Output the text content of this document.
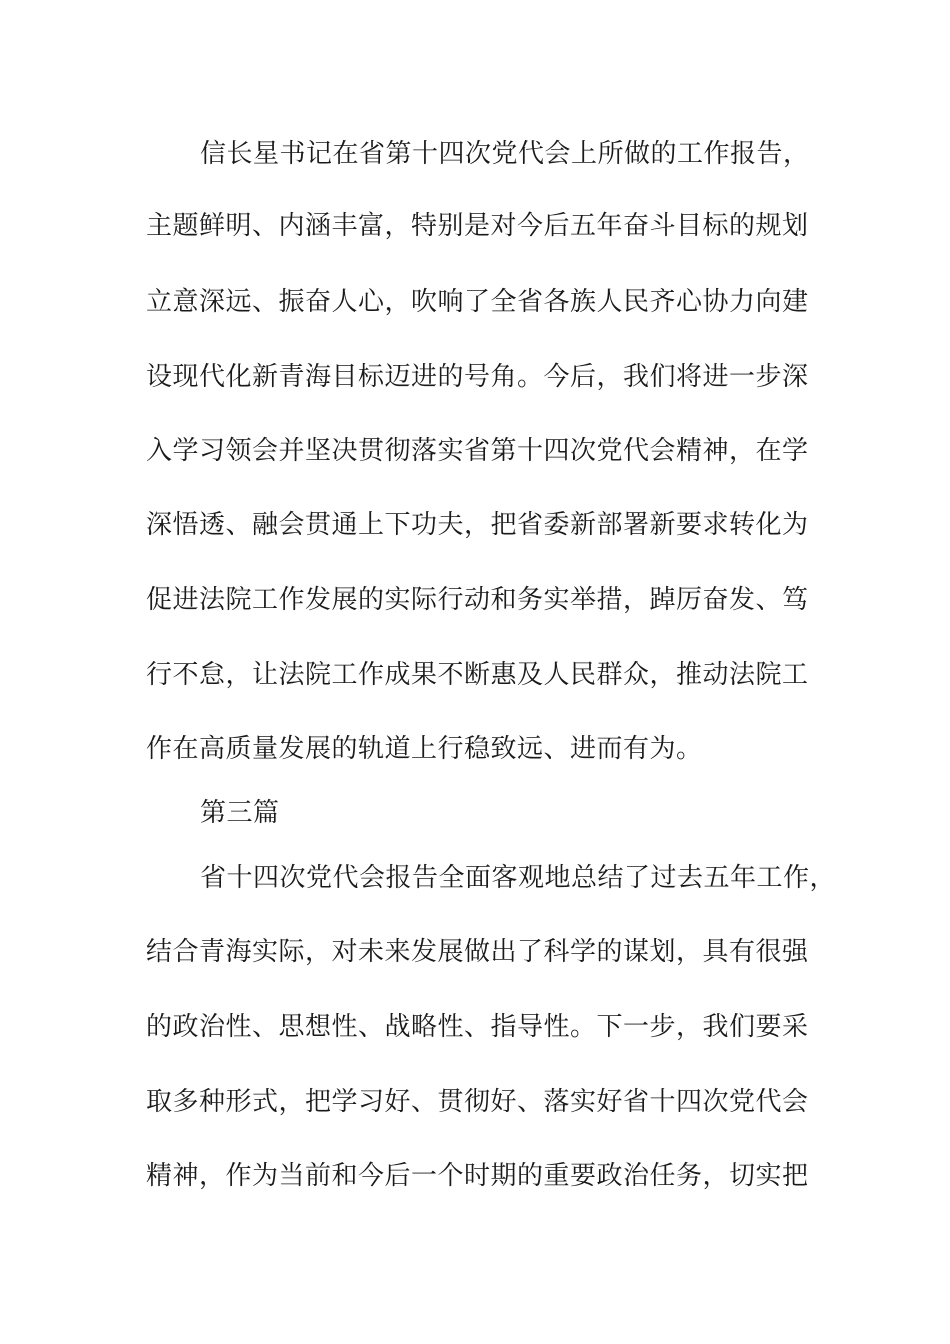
信长星书记在省第十四次党代会上所做的工作报告，
主题鲜明、内涵丰富，特别是对今后五年奋斗目标的规划
立意深远、振奋人心，吹响了全省各族人民齐心协力向建
设现代化新青海目标迈进的号角。今后，我们将进一步深
入学习领会并坚决贯彻落实省第十四次党代会精神，在学
深悟透、融会贯通上下功夫，把省委新部署新要求转化为
促进法院工作发展的实际行动和务实举措，踔厉奋发、笃
行不怠，让法院工作成果不断惠及人民群众，推动法院工
作在高质量发展的轨道上行稳致远、进而有为。
第三篇
省十四次党代会报告全面客观地总结了过去五年工作，
结合青海实际，对未来发展做出了科学的谋划，具有很强
的政治性、思想性、战略性、指导性。下一步，我们要采
取多种形式，把学习好、贯彻好、落实好省十四次党代会
精神，作为当前和今后一个时期的重要政治任务，切实把
